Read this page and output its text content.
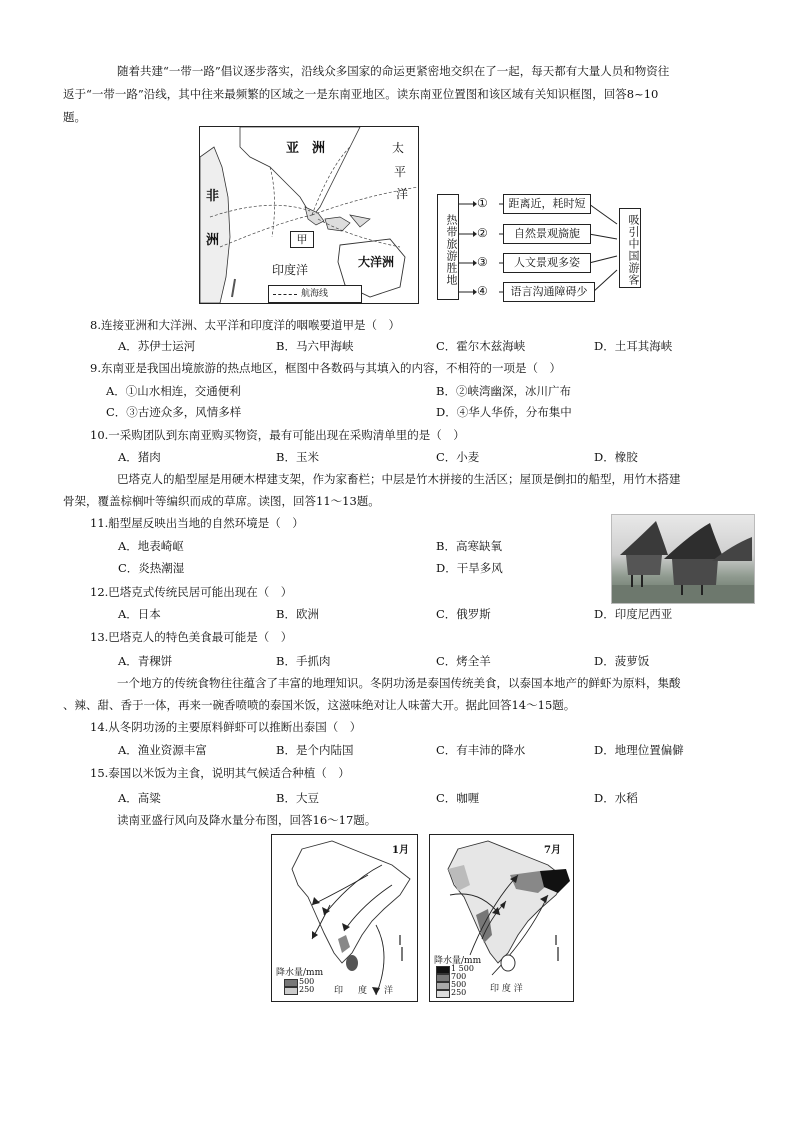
随着共建“一带一路”倡议逐步落实，沿线众多国家的命运更紧密地交织在了一起，每天都有大量人员和物资往
返于“一带一路”沿线，其中往来最频繁的区域之一是东南亚地区。读东南亚位置图和该区域有关知识框图，回答8~10
题。
亚　洲
非
洲
太
平
洋
甲
印度洋
大洋洲
航海线
热带旅游胜地
①
②
③
④
距离近，耗时短
自然景观旖旎
人文景观多姿
语言沟通障碍少
吸引中国游客
8.连接亚洲和大洋洲、太平洋和印度洋的咽喉要道甲是（　）
A．苏伊士运河	B．马六甲海峡	C．霍尔木兹海峡	D．土耳其海峡
9.东南亚是我国出境旅游的热点地区，框图中各数码与其填入的内容，不相符的一项是（　）
A．①山水相连，交通便利	B．②峡湾幽深，冰川广布
C．③古迹众多，风情多样	D．④华人华侨，分布集中
10.一采购团队到东南亚购买物资，最有可能出现在采购清单里的是（　）
A．猪肉	B．玉米	C．小麦	D．橡胶
巴塔克人的船型屋是用硬木桿建支架，作为家畜栏；中层是竹木拼接的生活区；屋顶是倒扣的船型，用竹木搭建
骨架，覆盖棕榈叶等编织而成的草席。读图，回答11～13题。
11.船型屋反映出当地的自然环境是（　）
A．地表崎岖	B．高寒缺氧
C．炎热潮湿	D．干旱多风
12.巴塔克式传统民居可能出现在（　）
A．日本	B．欧洲	C．俄罗斯	D．印度尼西亚
13.巴塔克人的特色美食最可能是（　）
A．青稞饼	B．手抓肉	C．烤全羊	D．菠萝饭
一个地方的传统食物往往蕴含了丰富的地理知识。冬阴功汤是泰国传统美食，以泰国本地产的鲜虾为原料，集酸
、辣、甜、香于一体，再来一碗香喷喷的泰国米饭，这滋味绝对让人味蕾大开。据此回答14～15题。
14.从冬阴功汤的主要原料鲜虾可以推断出泰国（　）
A．渔业资源丰富	B．是个内陆国	C．有丰沛的降水	D．地理位置偏僻
15.泰国以米饭为主食，说明其气候适合种植（　）
A．高粱	B．大豆	C．咖喱	D．水稻
读南亚盛行风向及降水量分布图，回答16～17题。
1月
降水量/mm
500
250 印 度 洋
7月
降水量/mm
1 500
700
500
250	印 度 洋
